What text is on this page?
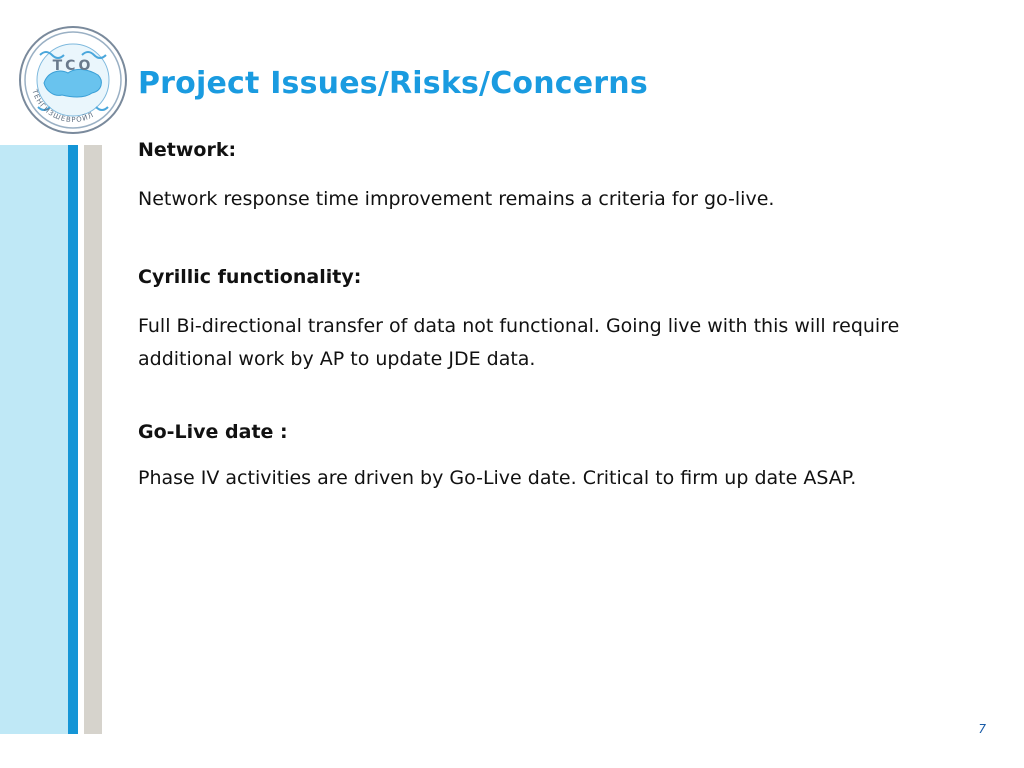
TCO
ТЕНГИЗШЕВРОЙЛ
Project Issues/Risks/Concerns

Network:

Network response time improvement remains a criteria for go-live.

Cyrillic functionality:

Full Bi-directional transfer of data not functional. Going live with this will require additional work by AP to update JDE data.

Go-Live date :

Phase IV activities are driven by Go-Live date. Critical to firm up date ASAP.

7
